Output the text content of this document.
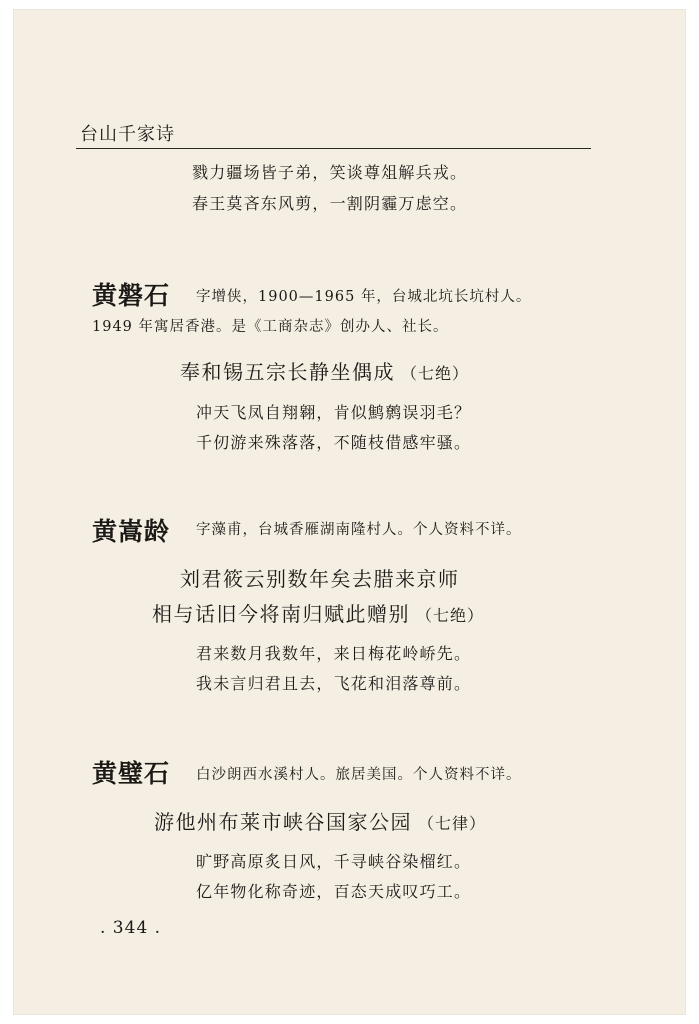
台山千家诗
戮力疆场皆子弟，笑谈尊俎解兵戎。
春王莫吝东风剪，一割阴霾万虑空。
黄磐石 字增侠，1900—1965 年，台城北坑长坑村人。
1949 年寓居香港。是《工商杂志》创办人、社长。
奉和锡五宗长静坐偶成 （七绝）
冲天飞凤自翔翱，肯似鹪鹩误羽毛？
千仞游来殊落落，不随枝借感牢骚。
黄嵩龄 字藻甫，台城香雁湖南隆村人。个人资料不详。
刘君筱云别数年矣去腊来京师
相与话旧今将南归赋此赠别 （七绝）
君来数月我数年，来日梅花岭峤先。
我未言归君且去，飞花和泪落尊前。
黄璧石 白沙朗西水溪村人。旅居美国。个人资料不详。
游他州布莱市峡谷国家公园 （七律）
旷野高原炙日风，千寻峡谷染榴红。
亿年物化称奇迹，百态天成叹巧工。
. 344 .
